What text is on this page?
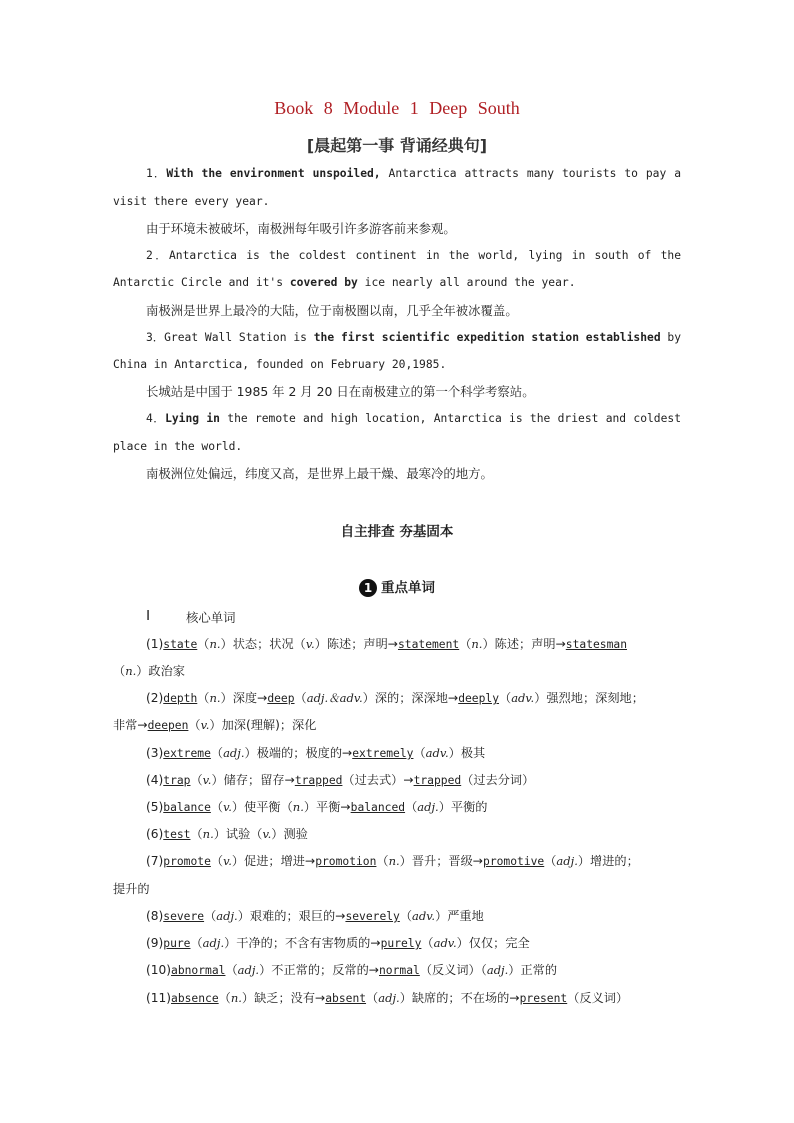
Book 8 Module 1 Deep South
[晨起第一事 背诵经典句]
1．With the environment unspoiled, Antarctica attracts many tourists to pay a
visit there every year.
由于环境未被破坏，南极洲每年吸引许多游客前来参观。
2．Antarctica is the coldest continent in the world, lying in south of the
Antarctic Circle and it's covered by ice nearly all around the year.
南极洲是世界上最冷的大陆，位于南极圈以南，几乎全年被冰覆盖。
3．Great Wall Station is the first scientific expedition station established by
China in Antarctica, founded on February 20,1985.
长城站是中国于 1985 年 2 月 20 日在南极建立的第一个科学考察站。
4．Lying in the remote and high location, Antarctica is the driest and coldest
place in the world.
南极洲位处偏远，纬度又高，是世界上最干燥、最寒冷的地方。
自主排查 夯基固本
1 重点单词
Ⅰ	核心单词
(1)state（n.）状态；状况（v.）陈述；声明→statement（n.）陈述；声明→statesman
（n.）政治家
(2)depth（n.）深度→deep（adj.＆adv.）深的；深深地→deeply（adv.）强烈地；深刻地；
非常→deepen（v.）加深(理解)；深化
(3)extreme（adj.）极端的；极度的→extremely（adv.）极其
(4)trap（v.）储存；留存→trapped（过去式）→trapped（过去分词）
(5)balance（v.）使平衡（n.）平衡→balanced（adj.）平衡的
(6)test（n.）试验（v.）测验
(7)promote（v.）促进；增进→promotion（n.）晋升；晋级→promotive（adj.）增进的；
提升的
(8)severe（adj.）艰难的；艰巨的→severely（adv.）严重地
(9)pure（adj.）干净的；不含有害物质的→purely（adv.）仅仅；完全
(10)abnormal（adj.）不正常的；反常的→normal（反义词）（adj.）正常的
(11)absence（n.）缺乏；没有→absent（adj.）缺席的；不在场的→present（反义词）
